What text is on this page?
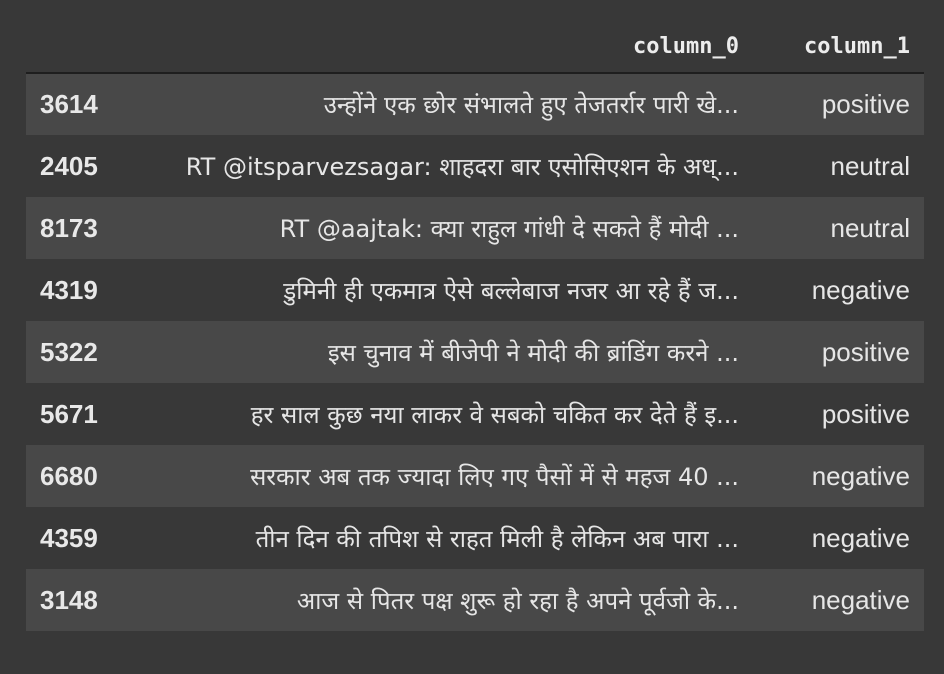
	column_0	column_1
3614	उन्होंने एक छोर संभालते हुए तेजतर्रार पारी खे...	positive
2405	RT @itsparvezsagar: शाहदरा बार एसोसिएशन के अध्...	neutral
8173	RT @aajtak: क्या राहुल गांधी दे सकते हैं मोदी ...	neutral
4319	डुमिनी ही एकमात्र ऐसे बल्लेबाज नजर आ रहे हैं ज...	negative
5322	इस चुनाव में बीजेपी ने मोदी की ब्रांडिंग करने ...	positive
5671	हर साल कुछ नया लाकर वे सबको चकित कर देते हैं इ...	positive
6680	सरकार अब तक ज्यादा लिए गए पैसों में से महज 40 ...	negative
4359	तीन दिन की तपिश से राहत मिली है लेकिन अब पारा ...	negative
3148	आज से पितर पक्ष शुरू हो रहा है अपने पूर्वजो के...	negative
